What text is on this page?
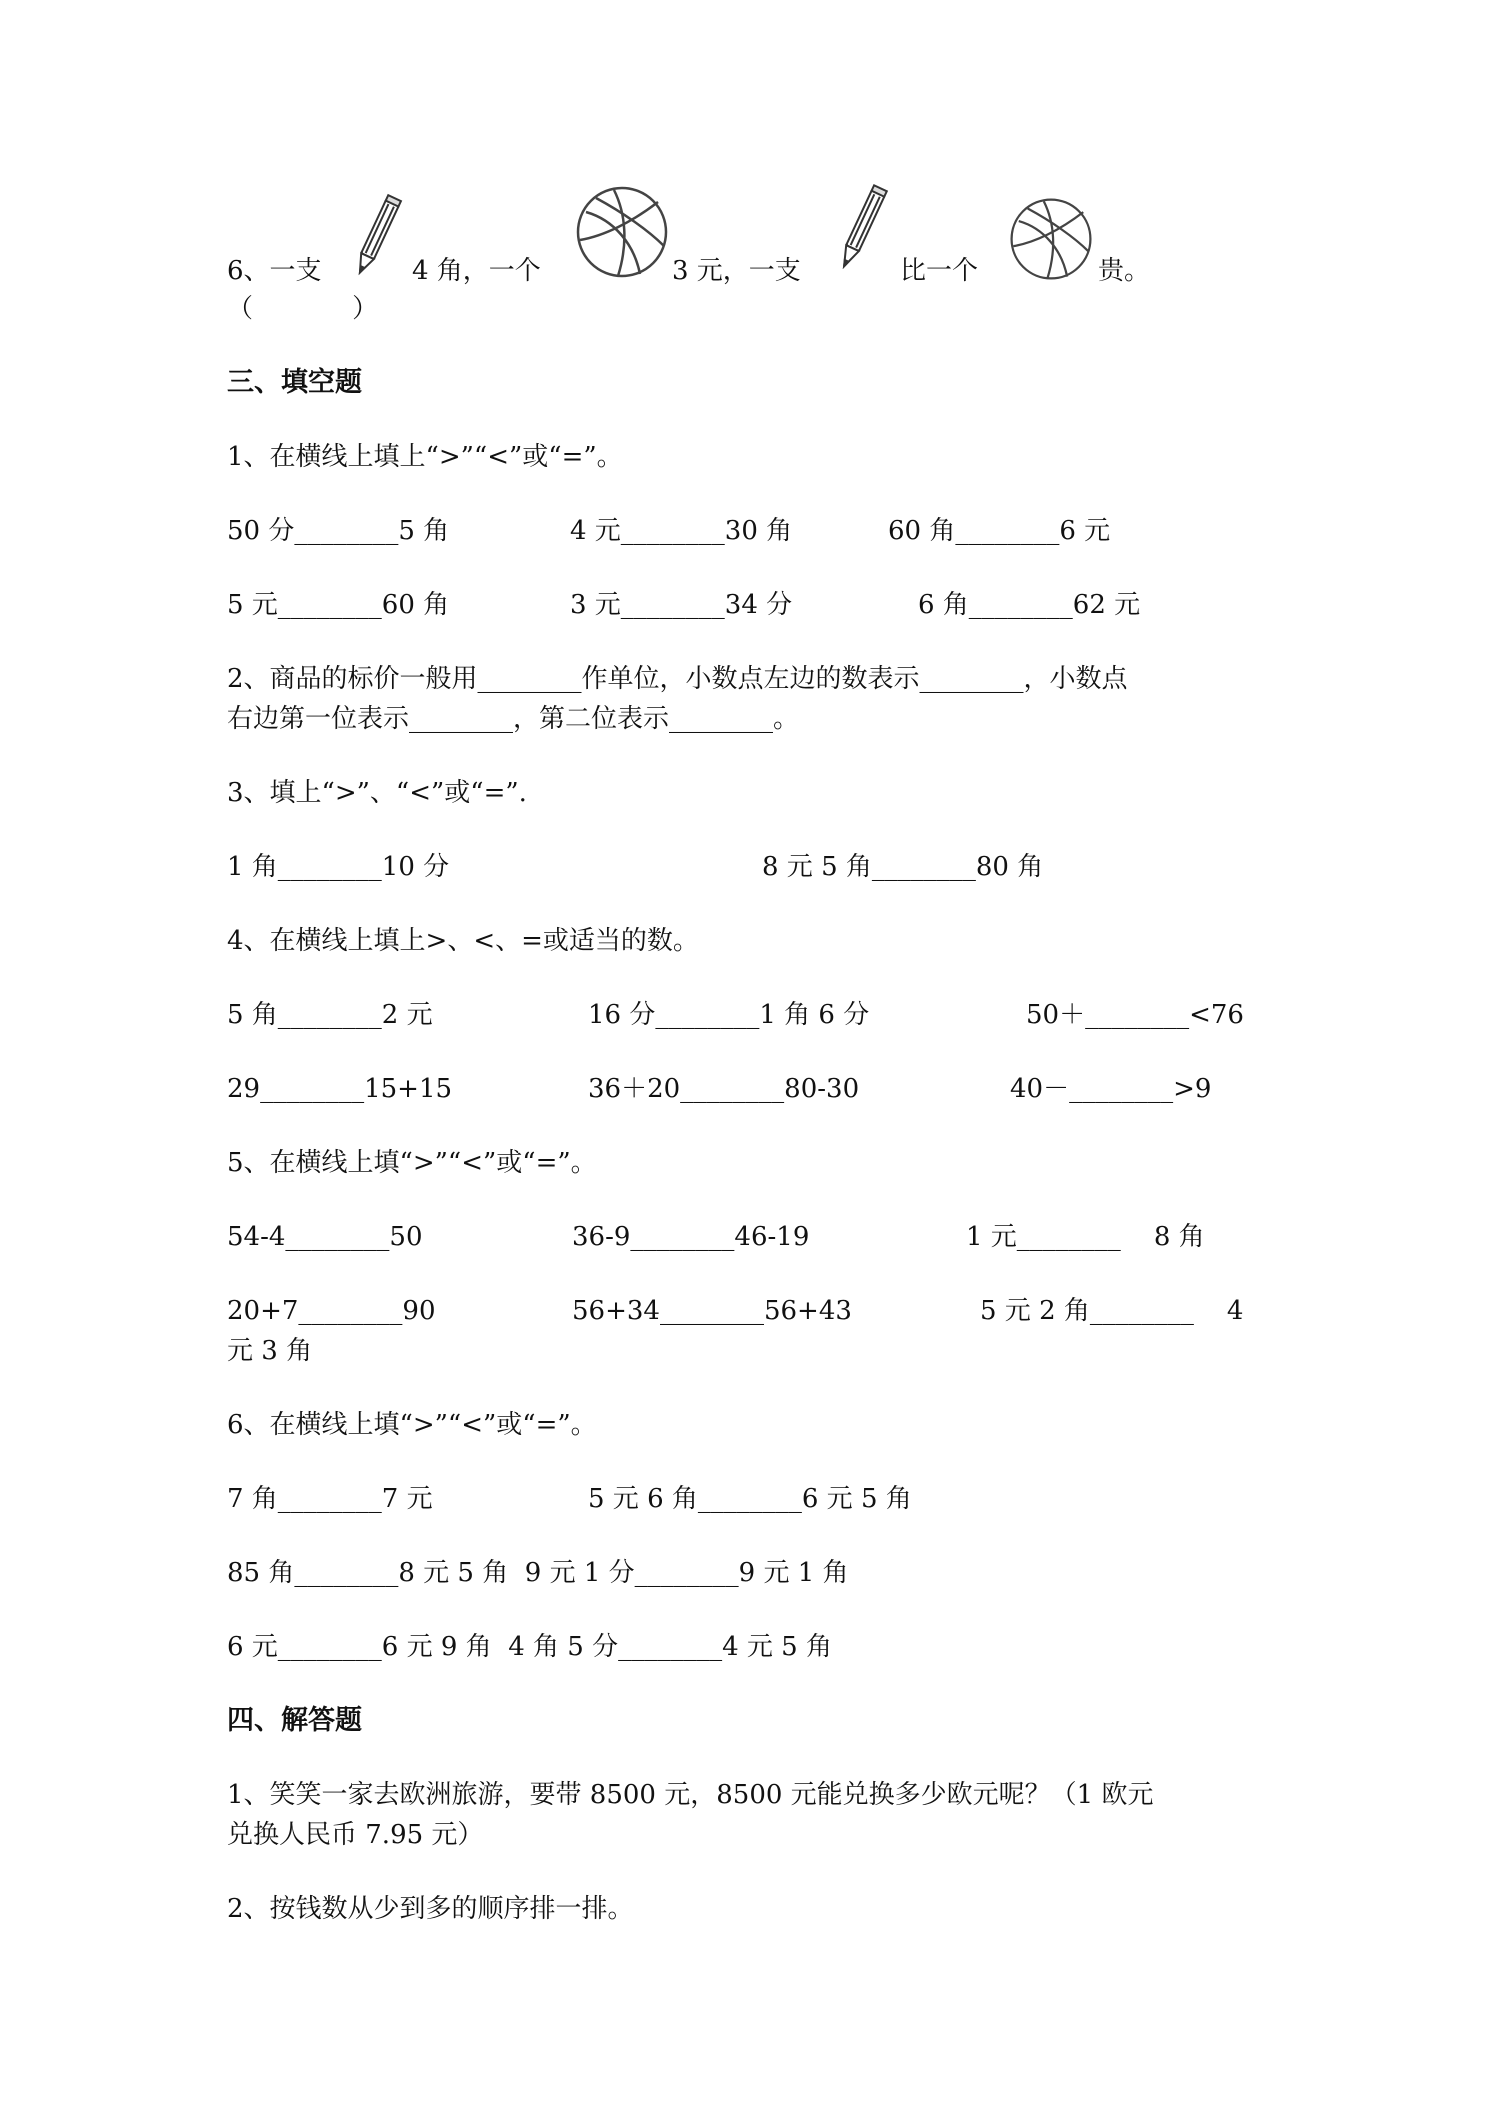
6、一支	4 角，一个	3 元，一支	比一个	贵。
（            ）
三、填空题
1、在横线上填上“>”“<”或“=”。
50 分________5 角	4 元________30 角	60 角________6 元
5 元________60 角	3 元________34 分	6 角________62 元
2、商品的标价一般用________作单位，小数点左边的数表示________，小数点
右边第一位表示________，第二位表示________。
3、填上“>”、“<”或“=”.
1 角________10 分	8 元 5 角________80 角
4、在横线上填上>、<、=或适当的数。
5 角________2 元	16 分________1 角 6 分	50＋________<76
29________15+15	36＋20________80-30	40－________>9
5、在横线上填“>”“<”或“=”。
54-4________50	36-9________46-19	1 元________    8 角
20+7________90	56+34________56+43	5 元 2 角________    4
元 3 角
6、在横线上填“>”“<”或“=”。
7 角________7 元	5 元 6 角________6 元 5 角
85 角________8 元 5 角  9 元 1 分________9 元 1 角
6 元________6 元 9 角  4 角 5 分________4 元 5 角
四、解答题
1、笑笑一家去欧洲旅游，要带 8500 元，8500 元能兑换多少欧元呢？（1 欧元
兑换人民币 7.95 元）
2、按钱数从少到多的顺序排一排。
